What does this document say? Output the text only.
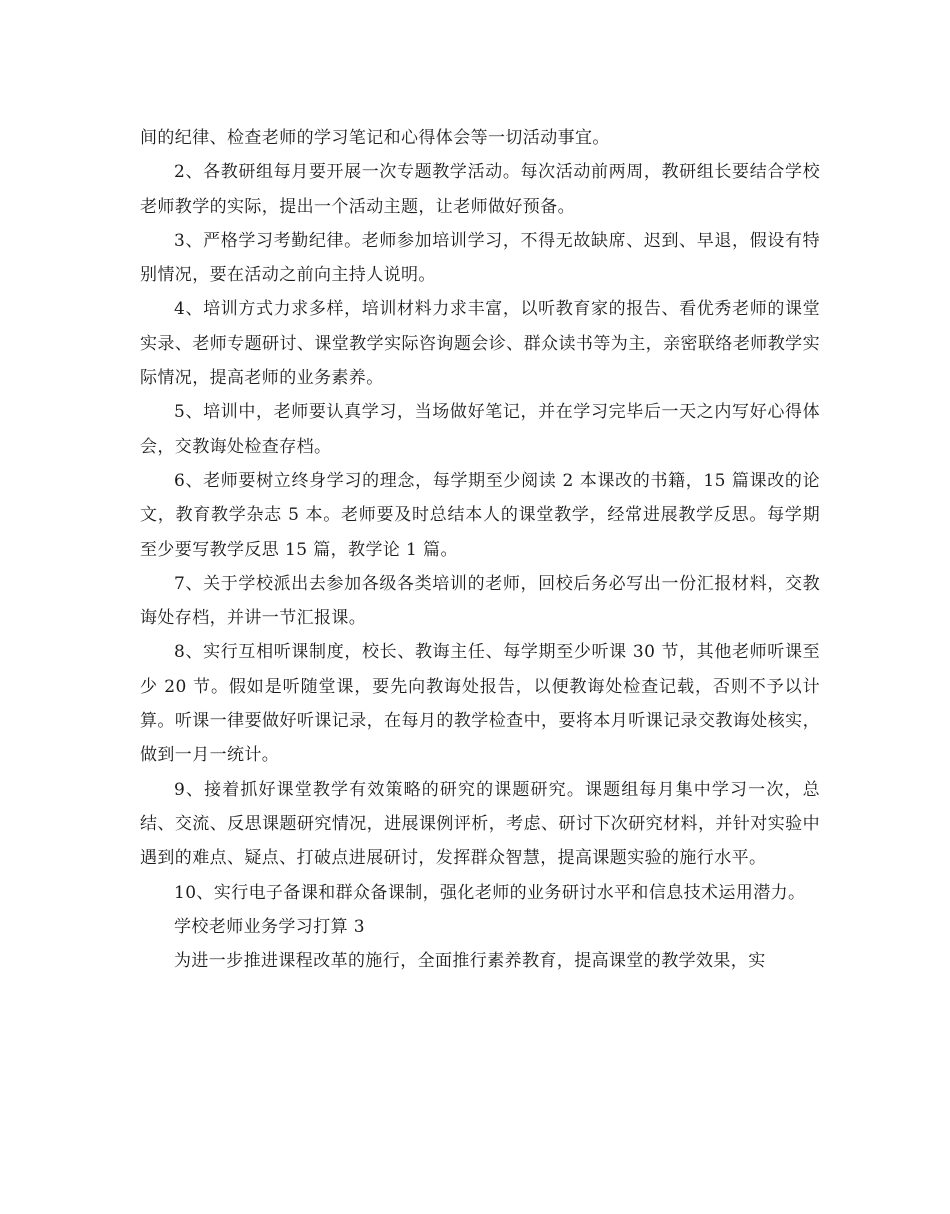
间的纪律、检查老师的学习笔记和心得体会等一切活动事宜。

2、各教研组每月要开展一次专题教学活动。每次活动前两周，教研组长要结合学校老师教学的实际，提出一个活动主题，让老师做好预备。

3、严格学习考勤纪律。老师参加培训学习，不得无故缺席、迟到、早退，假设有特别情况，要在活动之前向主持人说明。

4、培训方式力求多样，培训材料力求丰富，以听教育家的报告、看优秀老师的课堂实录、老师专题研讨、课堂教学实际咨询题会诊、群众读书等为主，亲密联络老师教学实际情况，提高老师的业务素养。

5、培训中，老师要认真学习，当场做好笔记，并在学习完毕后一天之内写好心得体会，交教诲处检查存档。

6、老师要树立终身学习的理念，每学期至少阅读 2 本课改的书籍，15 篇课改的论文，教育教学杂志 5 本。老师要及时总结本人的课堂教学，经常进展教学反思。每学期至少要写教学反思 15 篇，教学论 1 篇。

7、关于学校派出去参加各级各类培训的老师，回校后务必写出一份汇报材料，交教诲处存档，并讲一节汇报课。

8、实行互相听课制度，校长、教诲主任、每学期至少听课 30 节，其他老师听课至少 20 节。假如是听随堂课，要先向教诲处报告，以便教诲处检查记载，否则不予以计算。听课一律要做好听课记录，在每月的教学检查中，要将本月听课记录交教诲处核实，做到一月一统计。

9、接着抓好课堂教学有效策略的研究的课题研究。课题组每月集中学习一次，总结、交流、反思课题研究情况，进展课例评析，考虑、研讨下次研究材料，并针对实验中遇到的难点、疑点、打破点进展研讨，发挥群众智慧，提高课题实验的施行水平。

10、实行电子备课和群众备课制，强化老师的业务研讨水平和信息技术运用潜力。

学校老师业务学习打算 3

为进一步推进课程改革的施行，全面推行素养教育，提高课堂的教学效果，实
